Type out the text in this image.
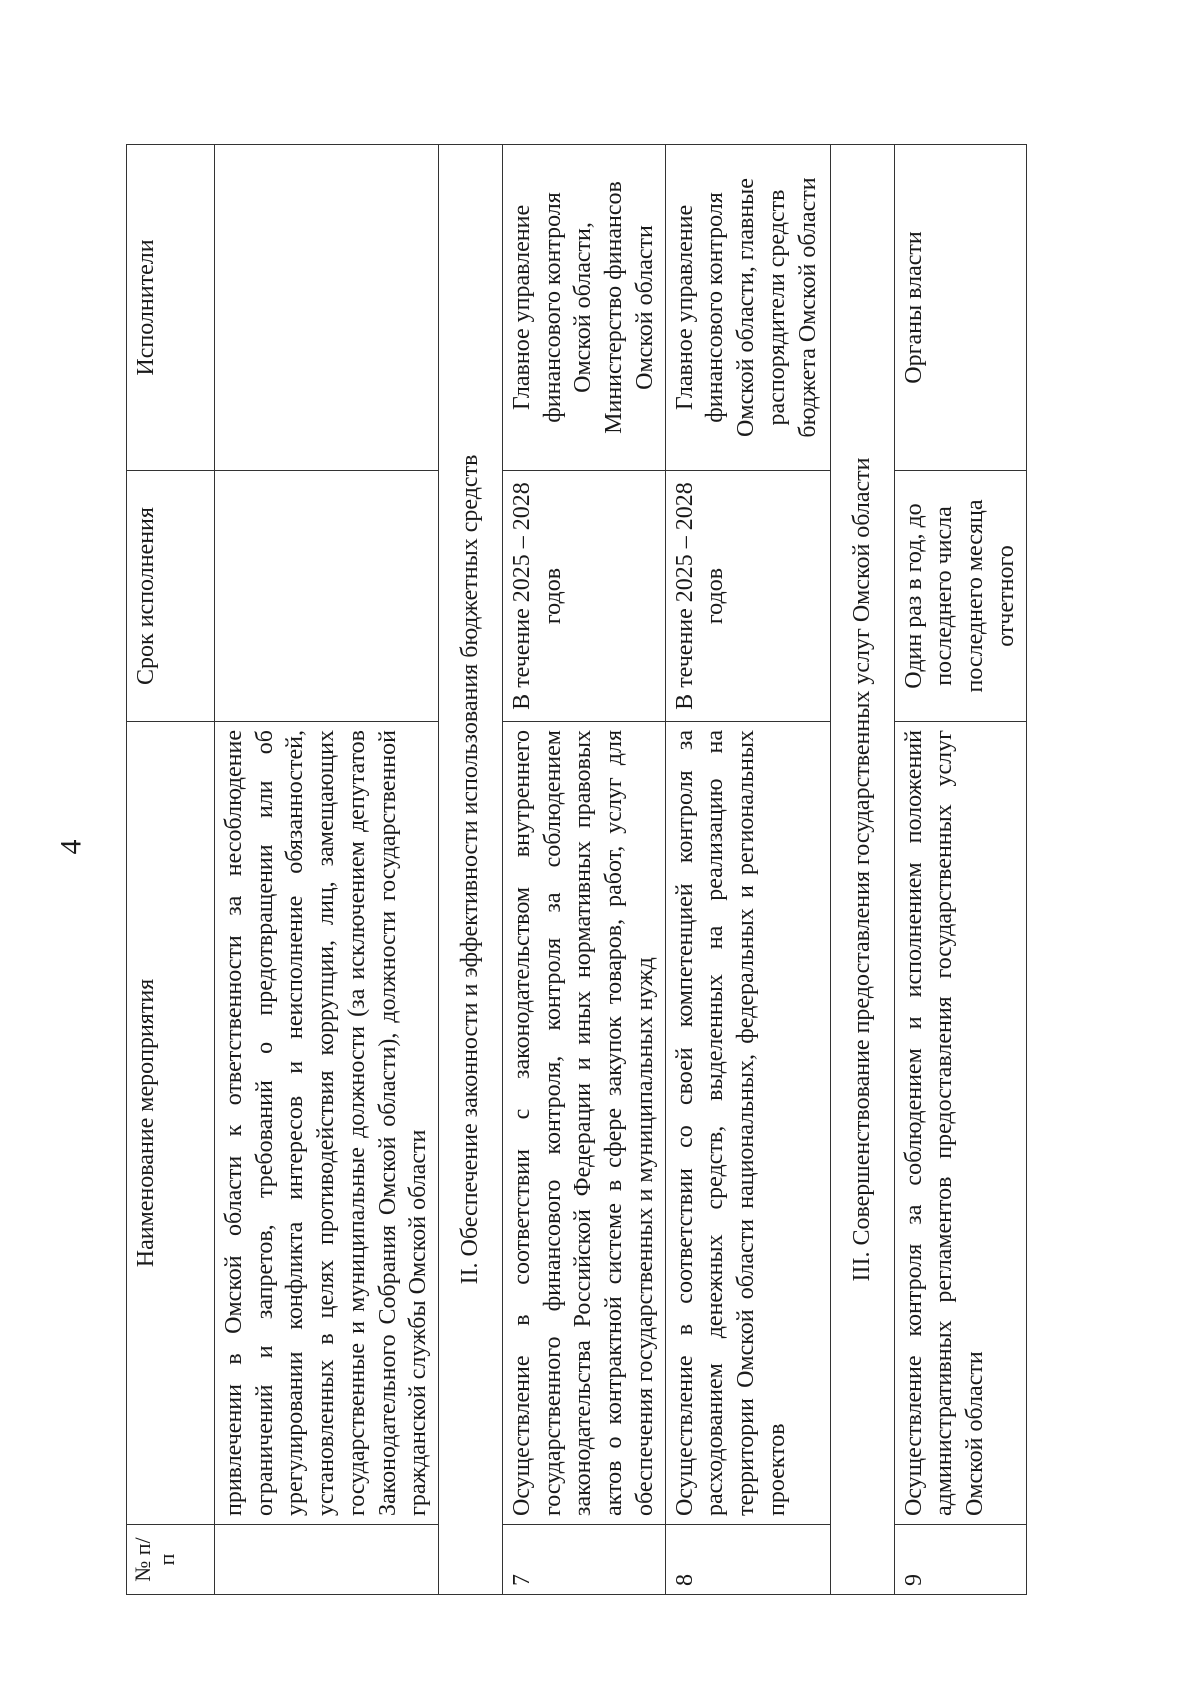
4
№ п/п	Наименование мероприятия	Срок исполнения	Исполнители
	привлечении в Омской области к ответственности за несоблюдение ограничений и запретов, требований о предотвращении или об урегулировании конфликта интересов и неисполнение обязанностей, установленных в целях противодействия коррупции, лиц, замещающих государственные и муниципальные должности (за исключением депутатов Законодательного Собрания Омской области), должности государственной гражданской службы Омской области		
II. Обеспечение законности и эффективности использования бюджетных средств			
7	Осуществление в соответствии с законодательством внутреннего государственного финансового контроля, контроля за соблюдением законодательства Российской Федерации и иных нормативных правовых актов о контрактной системе в сфере закупок товаров, работ, услуг для обеспечения государственных и муниципальных нужд	В течение 2025 – 2028 годов	Главное управление финансового контроля Омской области, Министерство финансов Омской области
8	Осуществление в соответствии со своей компетенцией контроля за расходованием денежных средств, выделенных на реализацию на территории Омской области национальных, федеральных и региональных проектов	В течение 2025 – 2028 годов	Главное управление финансового контроля Омской области, главные распорядители средств бюджета Омской области
III. Совершенствование предоставления государственных услуг Омской области			
9	Осуществление контроля за соблюдением и исполнением положений административных регламентов предоставления государственных услуг Омской области	Один раз в год, до последнего числа последнего месяца отчетного	Органы власти
